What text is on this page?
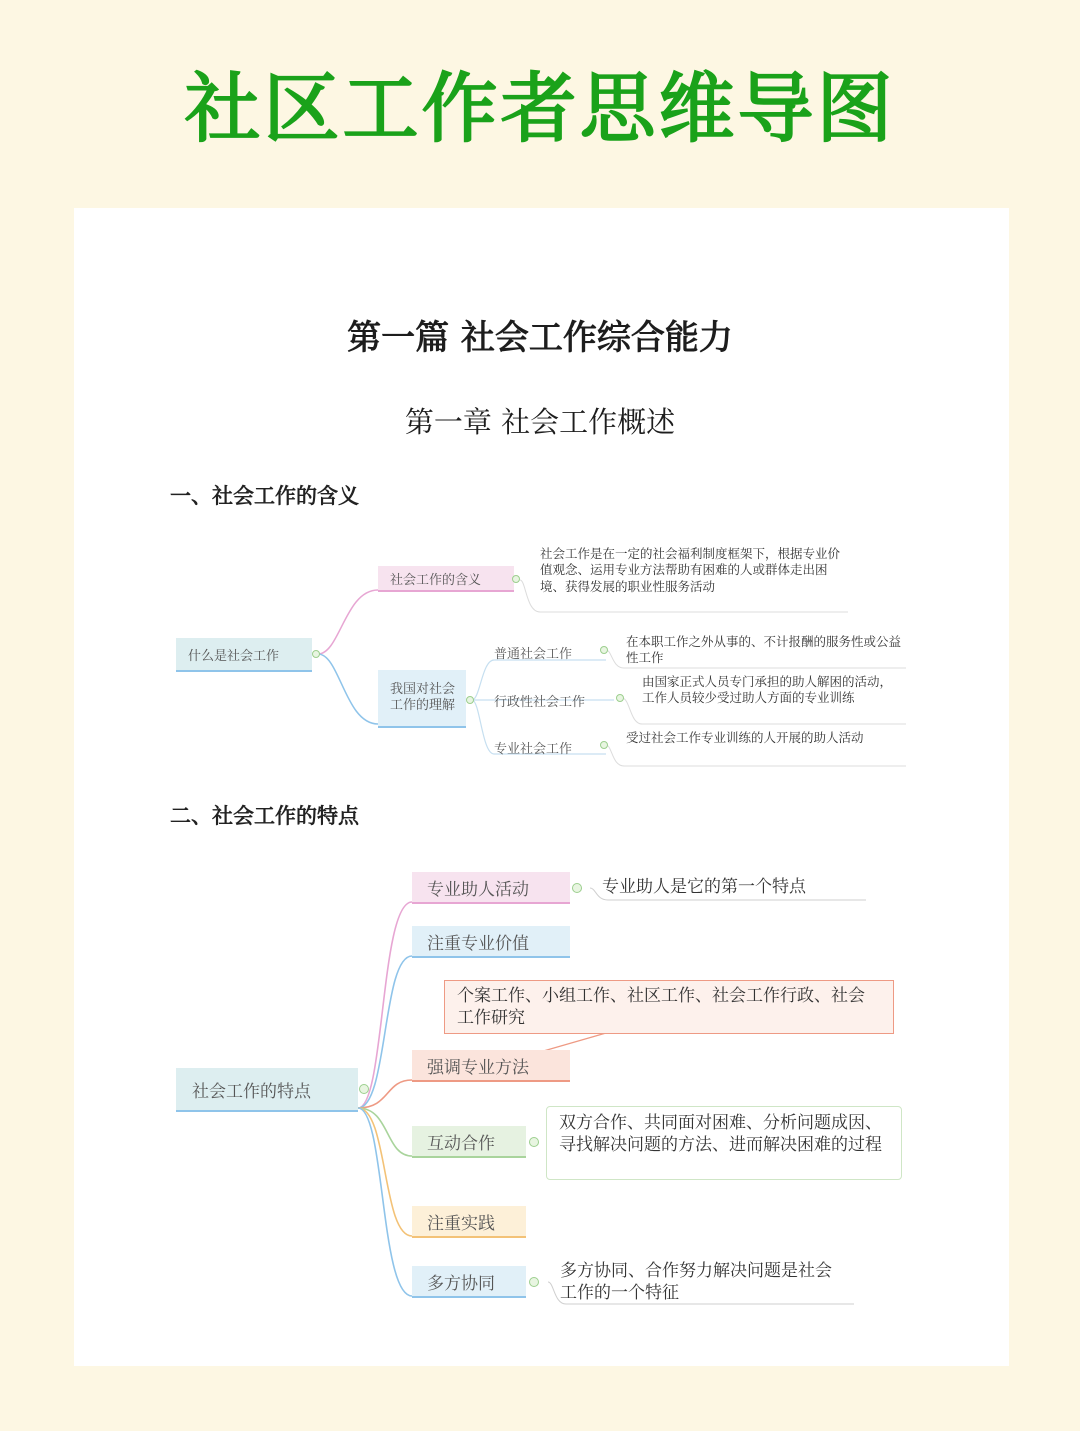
社区工作者思维导图
第一篇 社会工作综合能力
第一章 社会工作概述
一、社会工作的含义
二、社会工作的特点
什么是社会工作
社会工作的含义
社会工作是在一定的社会福利制度框架下，根据专业价值观念、运用专业方法帮助有困难的人或群体走出困境、获得发展的职业性服务活动
我国对社会工作的理解
普通社会工作
在本职工作之外从事的、不计报酬的服务性或公益性工作
行政性社会工作
由国家正式人员专门承担的助人解困的活动，工作人员较少受过助人方面的专业训练
专业社会工作
受过社会工作专业训练的人开展的助人活动
社会工作的特点
专业助人活动	专业助人是它的第一个特点
注重专业价值
个案工作、小组工作、社区工作、社会工作行政、社会工作研究
强调专业方法
互动合作
双方合作、共同面对困难、分析问题成因、寻找解决问题的方法、进而解决困难的过程
注重实践
多方协同
多方协同、合作努力解决问题是社会工作的一个特征
